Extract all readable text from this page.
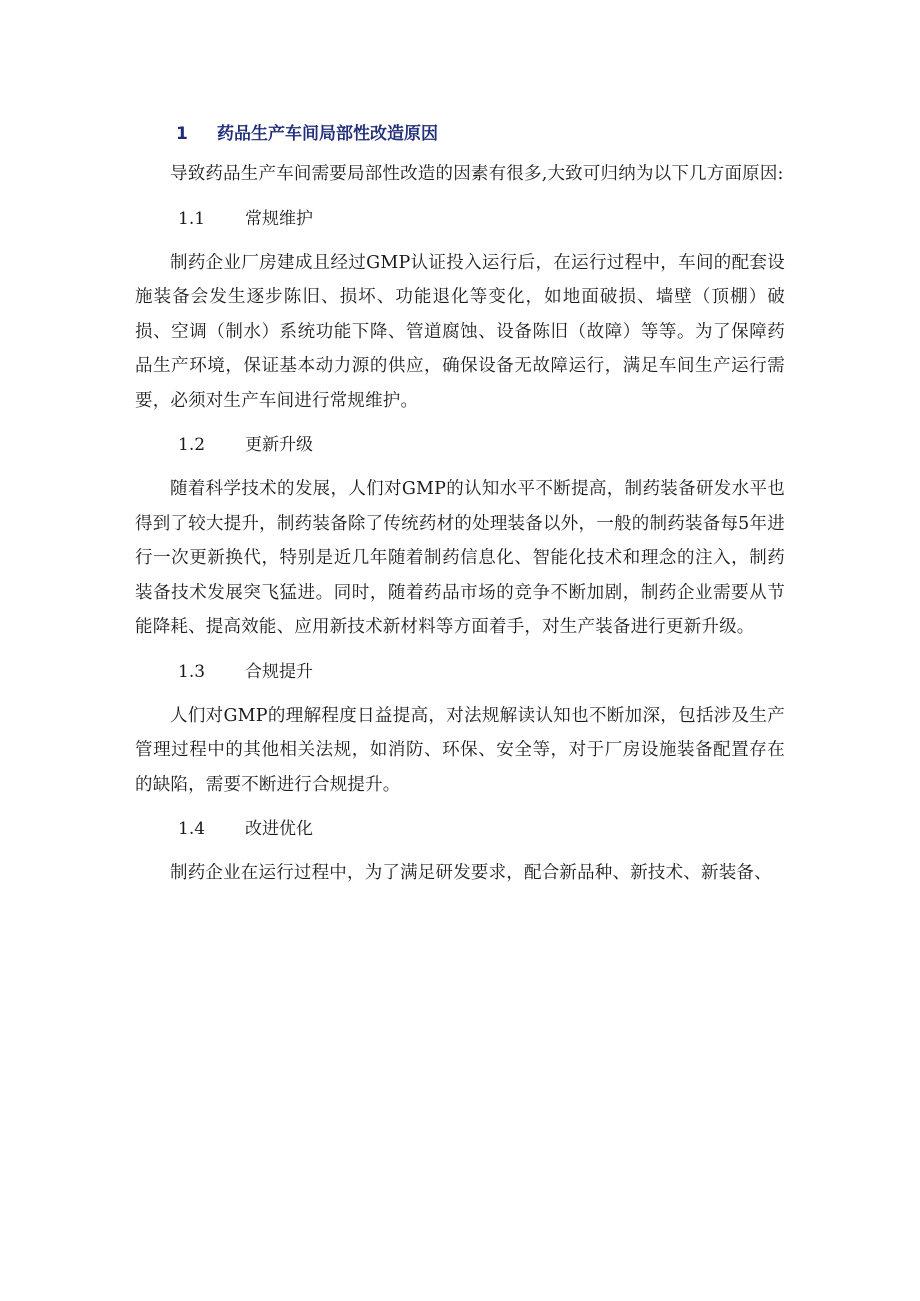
1 药品生产车间局部性改造原因

导致药品生产车间需要局部性改造的因素有很多,大致可归纳为以下几方面原因:

1.1 常规维护

制药企业厂房建成且经过GMP认证投入运行后，在运行过程中，车间的配套设施装备会发生逐步陈旧、损坏、功能退化等变化，如地面破损、墙壁（顶棚）破损、空调（制水）系统功能下降、管道腐蚀、设备陈旧（故障）等等。为了保障药品生产环境，保证基本动力源的供应，确保设备无故障运行，满足车间生产运行需要，必须对生产车间进行常规维护。

1.2 更新升级

随着科学技术的发展，人们对GMP的认知水平不断提高，制药装备研发水平也得到了较大提升，制药装备除了传统药材的处理装备以外，一般的制药装备每5年进行一次更新换代，特别是近几年随着制药信息化、智能化技术和理念的注入，制药装备技术发展突飞猛进。同时，随着药品市场的竞争不断加剧，制药企业需要从节能降耗、提高效能、应用新技术新材料等方面着手，对生产装备进行更新升级。

1.3 合规提升

人们对GMP的理解程度日益提高，对法规解读认知也不断加深，包括涉及生产管理过程中的其他相关法规，如消防、环保、安全等，对于厂房设施装备配置存在的缺陷，需要不断进行合规提升。

1.4 改进优化

制药企业在运行过程中，为了满足研发要求，配合新品种、新技术、新装备、
